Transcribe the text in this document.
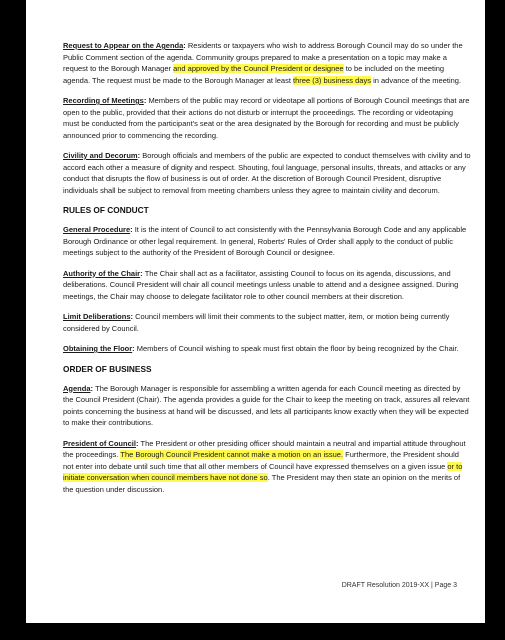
Request to Appear on the Agenda: Residents or taxpayers who wish to address Borough Council may do so under the Public Comment section of the agenda. Community groups prepared to make a presentation on a topic may make a request to the Borough Manager and approved by the Council President or designee to be included on the meeting agenda. The request must be made to the Borough Manager at least three (3) business days in advance of the meeting.
Recording of Meetings: Members of the public may record or videotape all portions of Borough Council meetings that are open to the public, provided that their actions do not disturb or interrupt the proceedings. The recording or videotaping must be conducted from the participant's seat or the area designated by the Borough for recording and must be publicly announced prior to commencing the recording.
Civility and Decorum: Borough officials and members of the public are expected to conduct themselves with civility and to accord each other a measure of dignity and respect. Shouting, foul language, personal insults, threats, and attacks or any conduct that disrupts the flow of business is out of order. At the discretion of Borough Council President, disruptive individuals shall be subject to removal from meeting chambers unless they agree to maintain civility and decorum.
RULES OF CONDUCT
General Procedure: It is the intent of Council to act consistently with the Pennsylvania Borough Code and any applicable Borough Ordinance or other legal requirement. In general, Roberts' Rules of Order shall apply to the conduct of public meetings subject to the authority of the President of Borough Council or designee.
Authority of the Chair: The Chair shall act as a facilitator, assisting Council to focus on its agenda, discussions, and deliberations. Council President will chair all council meetings unless unable to attend and a designee assigned. During meetings, the Chair may choose to delegate facilitator role to other council members at their discretion.
Limit Deliberations: Council members will limit their comments to the subject matter, item, or motion being currently considered by Council.
Obtaining the Floor: Members of Council wishing to speak must first obtain the floor by being recognized by the Chair.
ORDER OF BUSINESS
Agenda: The Borough Manager is responsible for assembling a written agenda for each Council meeting as directed by the Council President (Chair). The agenda provides a guide for the Chair to keep the meeting on track, assures all relevant points concerning the business at hand will be discussed, and lets all participants know exactly when they will be expected to make their contributions.
President of Council: The President or other presiding officer should maintain a neutral and impartial attitude throughout the proceedings. The Borough Council President cannot make a motion on an issue. Furthermore, the President should not enter into debate until such time that all other members of Council have expressed themselves on a given issue or to initiate conversation when council members have not done so. The President may then state an opinion on the merits of the question under discussion.
DRAFT Resolution 2019-XX | Page 3
